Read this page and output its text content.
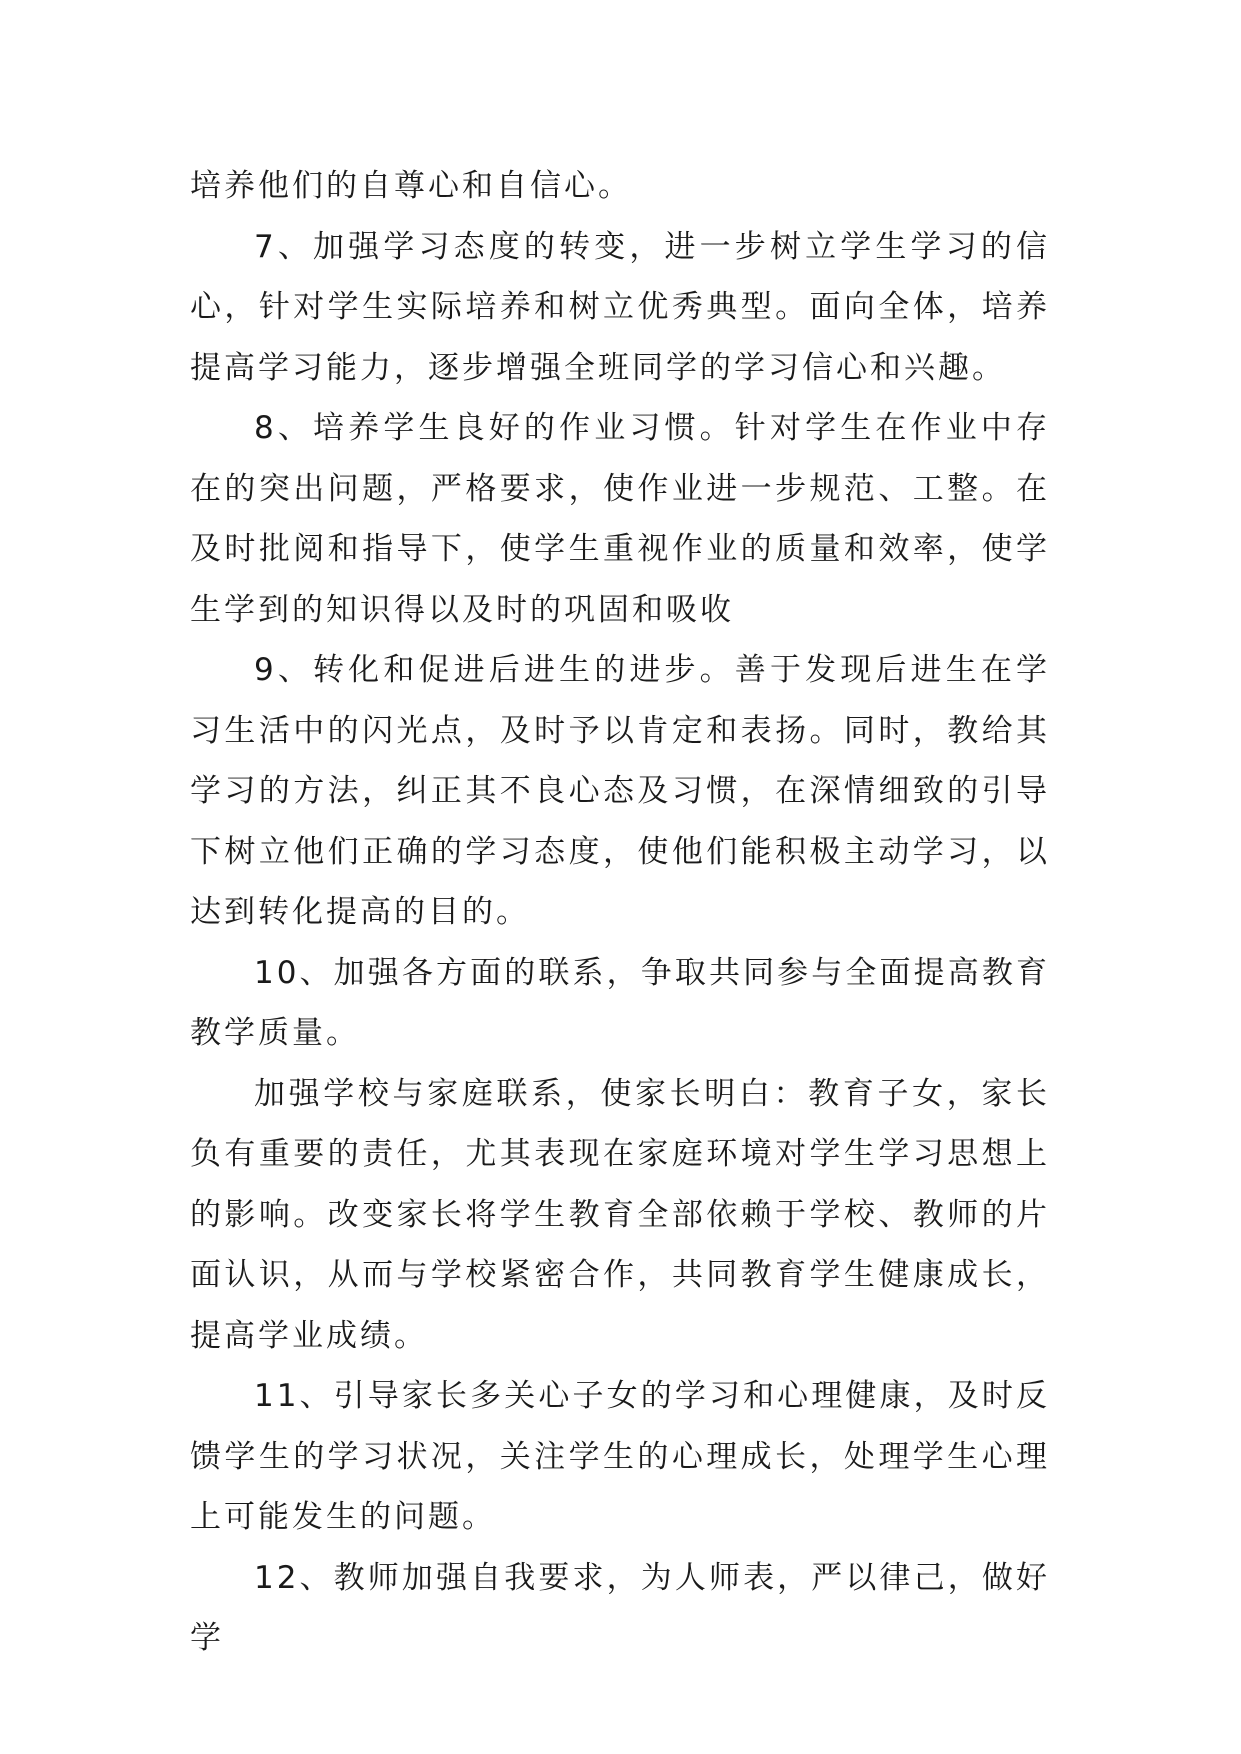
培养他们的自尊心和自信心。

7、加强学习态度的转变，进一步树立学生学习的信心，针对学生实际培养和树立优秀典型。面向全体，培养提高学习能力，逐步增强全班同学的学习信心和兴趣。

8、培养学生良好的作业习惯。针对学生在作业中存在的突出问题，严格要求，使作业进一步规范、工整。在及时批阅和指导下，使学生重视作业的质量和效率，使学生学到的知识得以及时的巩固和吸收

9、转化和促进后进生的进步。善于发现后进生在学习生活中的闪光点，及时予以肯定和表扬。同时，教给其学习的方法，纠正其不良心态及习惯，在深情细致的引导下树立他们正确的学习态度，使他们能积极主动学习，以达到转化提高的目的。

10、加强各方面的联系，争取共同参与全面提高教育教学质量。

加强学校与家庭联系，使家长明白：教育子女，家长负有重要的责任，尤其表现在家庭环境对学生学习思想上的影响。改变家长将学生教育全部依赖于学校、教师的片面认识，从而与学校紧密合作，共同教育学生健康成长，提高学业成绩。

11、引导家长多关心子女的学习和心理健康，及时反馈学生的学习状况，关注学生的心理成长，处理学生心理上可能发生的问题。

12、教师加强自我要求，为人师表，严以律己，做好学
